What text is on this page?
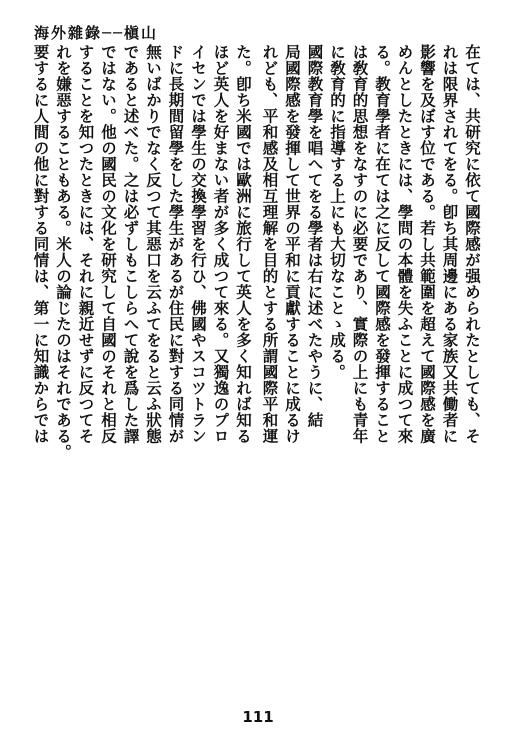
海外雜錄──槇山

在ては、共研究に依て國際感が强められたとしても、そ

れは限界されてをる。卽ち其周邊にある家族又共働者に

影響を及ぼす位である。若し共範圍を超えて國際感を廣

めんとしたときには、學問の本體を失ふことに成つて來

る。教育學者に在ては之に反して國際感を發揮すること

は敎育的思想をなすのに必要であり、實際の上にも青年

に敎育的に指導する上にも大切なことゝ成る。

國際教育學を唱へてをる學者は右に述べたやうに、結

局國際感を發揮して世界の平和に貢獻することに成るけ

れども、平和感及相互理解を目的とする所謂國際平和運

た。卽ち米國では歐洲に旅行して英人を多く知れば知る

ほど英人を好まない者が多く成つて來る。又獨逸のプロ

イセンでは學生の交換學習を行ひ、佛國やスコツトラン

ドに長期間留學をした學生があるが住民に對する同情が

無いばかりでなく反つて其惡口を云ふてをると云ふ狀態

であると述べた。之は必ずしもこしらへて說を爲した譯

ではない。他の國民の文化を研究して自國のそれと相反

することを知つたときには、それに親近せずに反つてそ

れを嫌惡することもある。米人の論じたのはそれである。

要するに人間の他に對する同情は、第一に知識からでは

111
